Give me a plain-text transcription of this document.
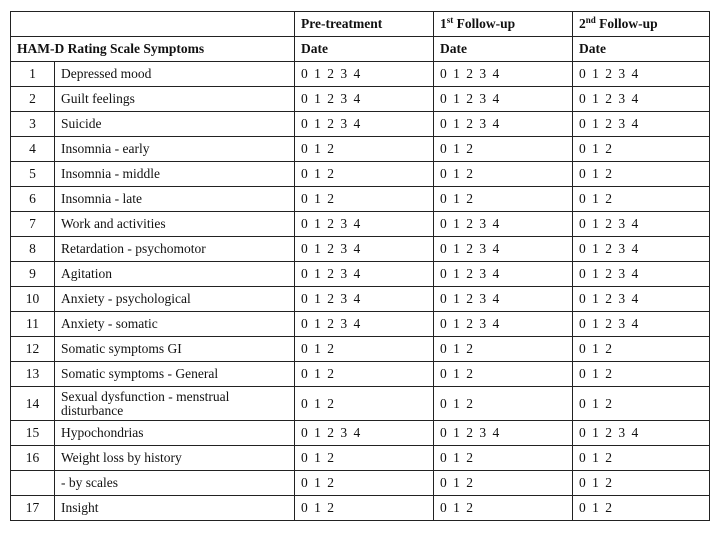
		Pre-treatment	1st Follow-up	2nd Follow-up
HAM-D Rating Scale Symptoms		Date	Date	Date
1	Depressed mood	0 1 2 3 4	0 1 2 3 4	0 1 2 3 4
2	Guilt feelings	0 1 2 3 4	0 1 2 3 4	0 1 2 3 4
3	Suicide	0 1 2 3 4	0 1 2 3 4	0 1 2 3 4
4	Insomnia - early	0 1 2	0 1 2	0 1 2
5	Insomnia - middle	0 1 2	0 1 2	0 1 2
6	Insomnia - late	0 1 2	0 1 2	0 1 2
7	Work and activities	0 1 2 3 4	0 1 2 3 4	0 1 2 3 4
8	Retardation - psychomotor	0 1 2 3 4	0 1 2 3 4	0 1 2 3 4
9	Agitation	0 1 2 3 4	0 1 2 3 4	0 1 2 3 4
10	Anxiety - psychological	0 1 2 3 4	0 1 2 3 4	0 1 2 3 4
11	Anxiety - somatic	0 1 2 3 4	0 1 2 3 4	0 1 2 3 4
12	Somatic symptoms GI	0 1 2	0 1 2	0 1 2
13	Somatic symptoms - General	0 1 2	0 1 2	0 1 2
14	Sexual dysfunction - menstrual disturbance	0 1 2	0 1 2	0 1 2
15	Hypochondrias	0 1 2 3 4	0 1 2 3 4	0 1 2 3 4
16	Weight loss by history	0 1 2	0 1 2	0 1 2
	- by scales	0 1 2	0 1 2	0 1 2
17	Insight	0 1 2	0 1 2	0 1 2
